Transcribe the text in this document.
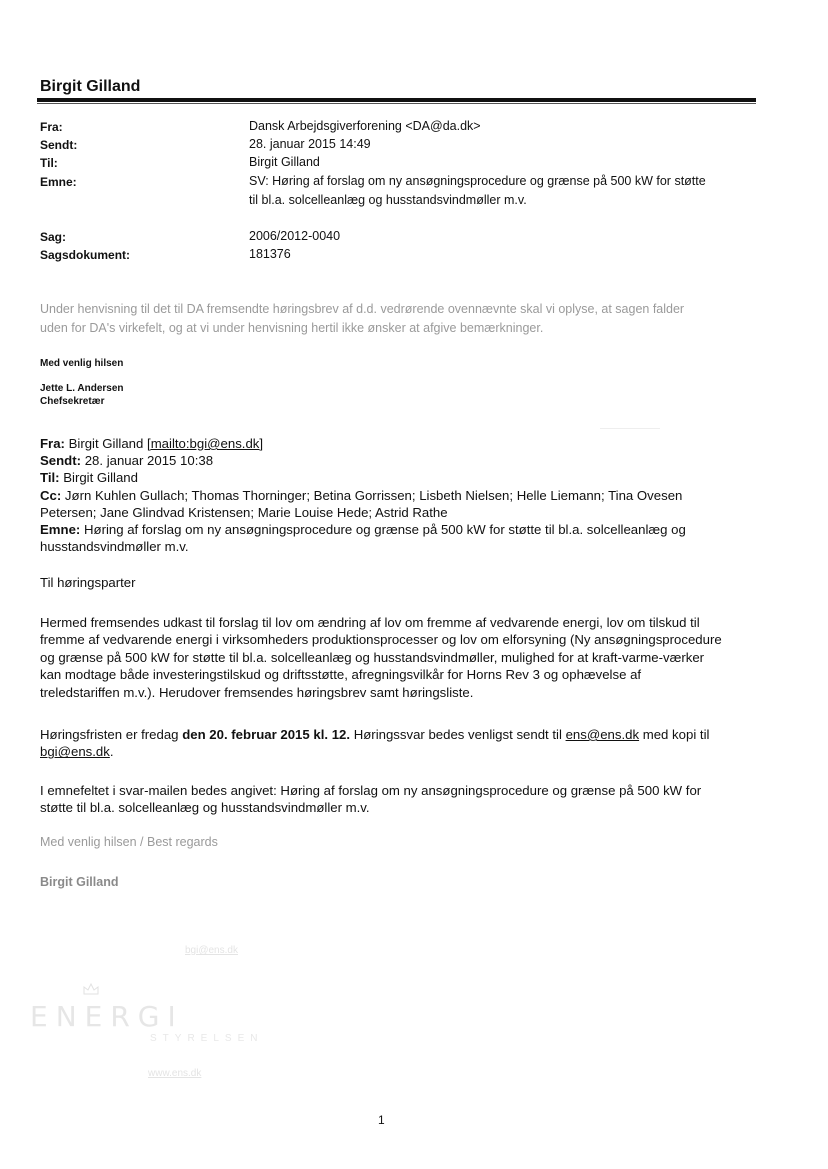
Birgit Gilland
Fra:	Dansk Arbejdsgiverforening <DA@da.dk>
Sendt:	28. januar 2015 14:49
Til:	Birgit Gilland
Emne:	SV: Høring af forslag om ny ansøgningsprocedure og grænse på 500 kW for støtte
til bl.a. solcelleanlæg og husstandsvindmøller m.v.
Sag:	2006/2012-0040
Sagsdokument:	181376
Under henvisning til det til DA fremsendte høringsbrev af d.d. vedrørende ovennævnte skal vi oplyse, at sagen falder
uden for DA's virkefelt, og at vi under henvisning hertil ikke ønsker at afgive bemærkninger.
Med venlig hilsen
Jette L. Andersen
Chefsekretær
Fra: Birgit Gilland [mailto:bgi@ens.dk]
Sendt: 28. januar 2015 10:38
Til: Birgit Gilland
Cc: Jørn Kuhlen Gullach; Thomas Thorninger; Betina Gorrissen; Lisbeth Nielsen; Helle Liemann; Tina Ovesen
Petersen; Jane Glindvad Kristensen; Marie Louise Hede; Astrid Rathe
Emne: Høring af forslag om ny ansøgningsprocedure og grænse på 500 kW for støtte til bl.a. solcelleanlæg og
husstandsvindmøller m.v.
Til høringsparter
Hermed fremsendes udkast til forslag til lov om ændring af lov om fremme af vedvarende energi, lov om tilskud til
fremme af vedvarende energi i virksomheders produktionsprocesser og lov om elforsyning (Ny ansøgningsprocedure
og grænse på 500 kW for støtte til bl.a. solcelleanlæg og husstandsvindmøller, mulighed for at kraft-varme-værker
kan modtage både investeringstilskud og driftsstøtte, afregningsvilkår for Horns Rev 3 og ophævelse af
treledstariffen m.v.). Herudover fremsendes høringsbrev samt høringsliste.
Høringsfristen er fredag den 20. februar 2015 kl. 12. Høringssvar bedes venligst sendt til ens@ens.dk med kopi til
bgi@ens.dk.
I emnefeltet i svar-mailen bedes angivet: Høring af forslag om ny ansøgningsprocedure og grænse på 500 kW for
støtte til bl.a. solcelleanlæg og husstandsvindmøller m.v.
Med venlig hilsen / Best regards
Birgit Gilland
bgi@ens.dk
ENERGI
STYRELSEN
www.ens.dk
1
